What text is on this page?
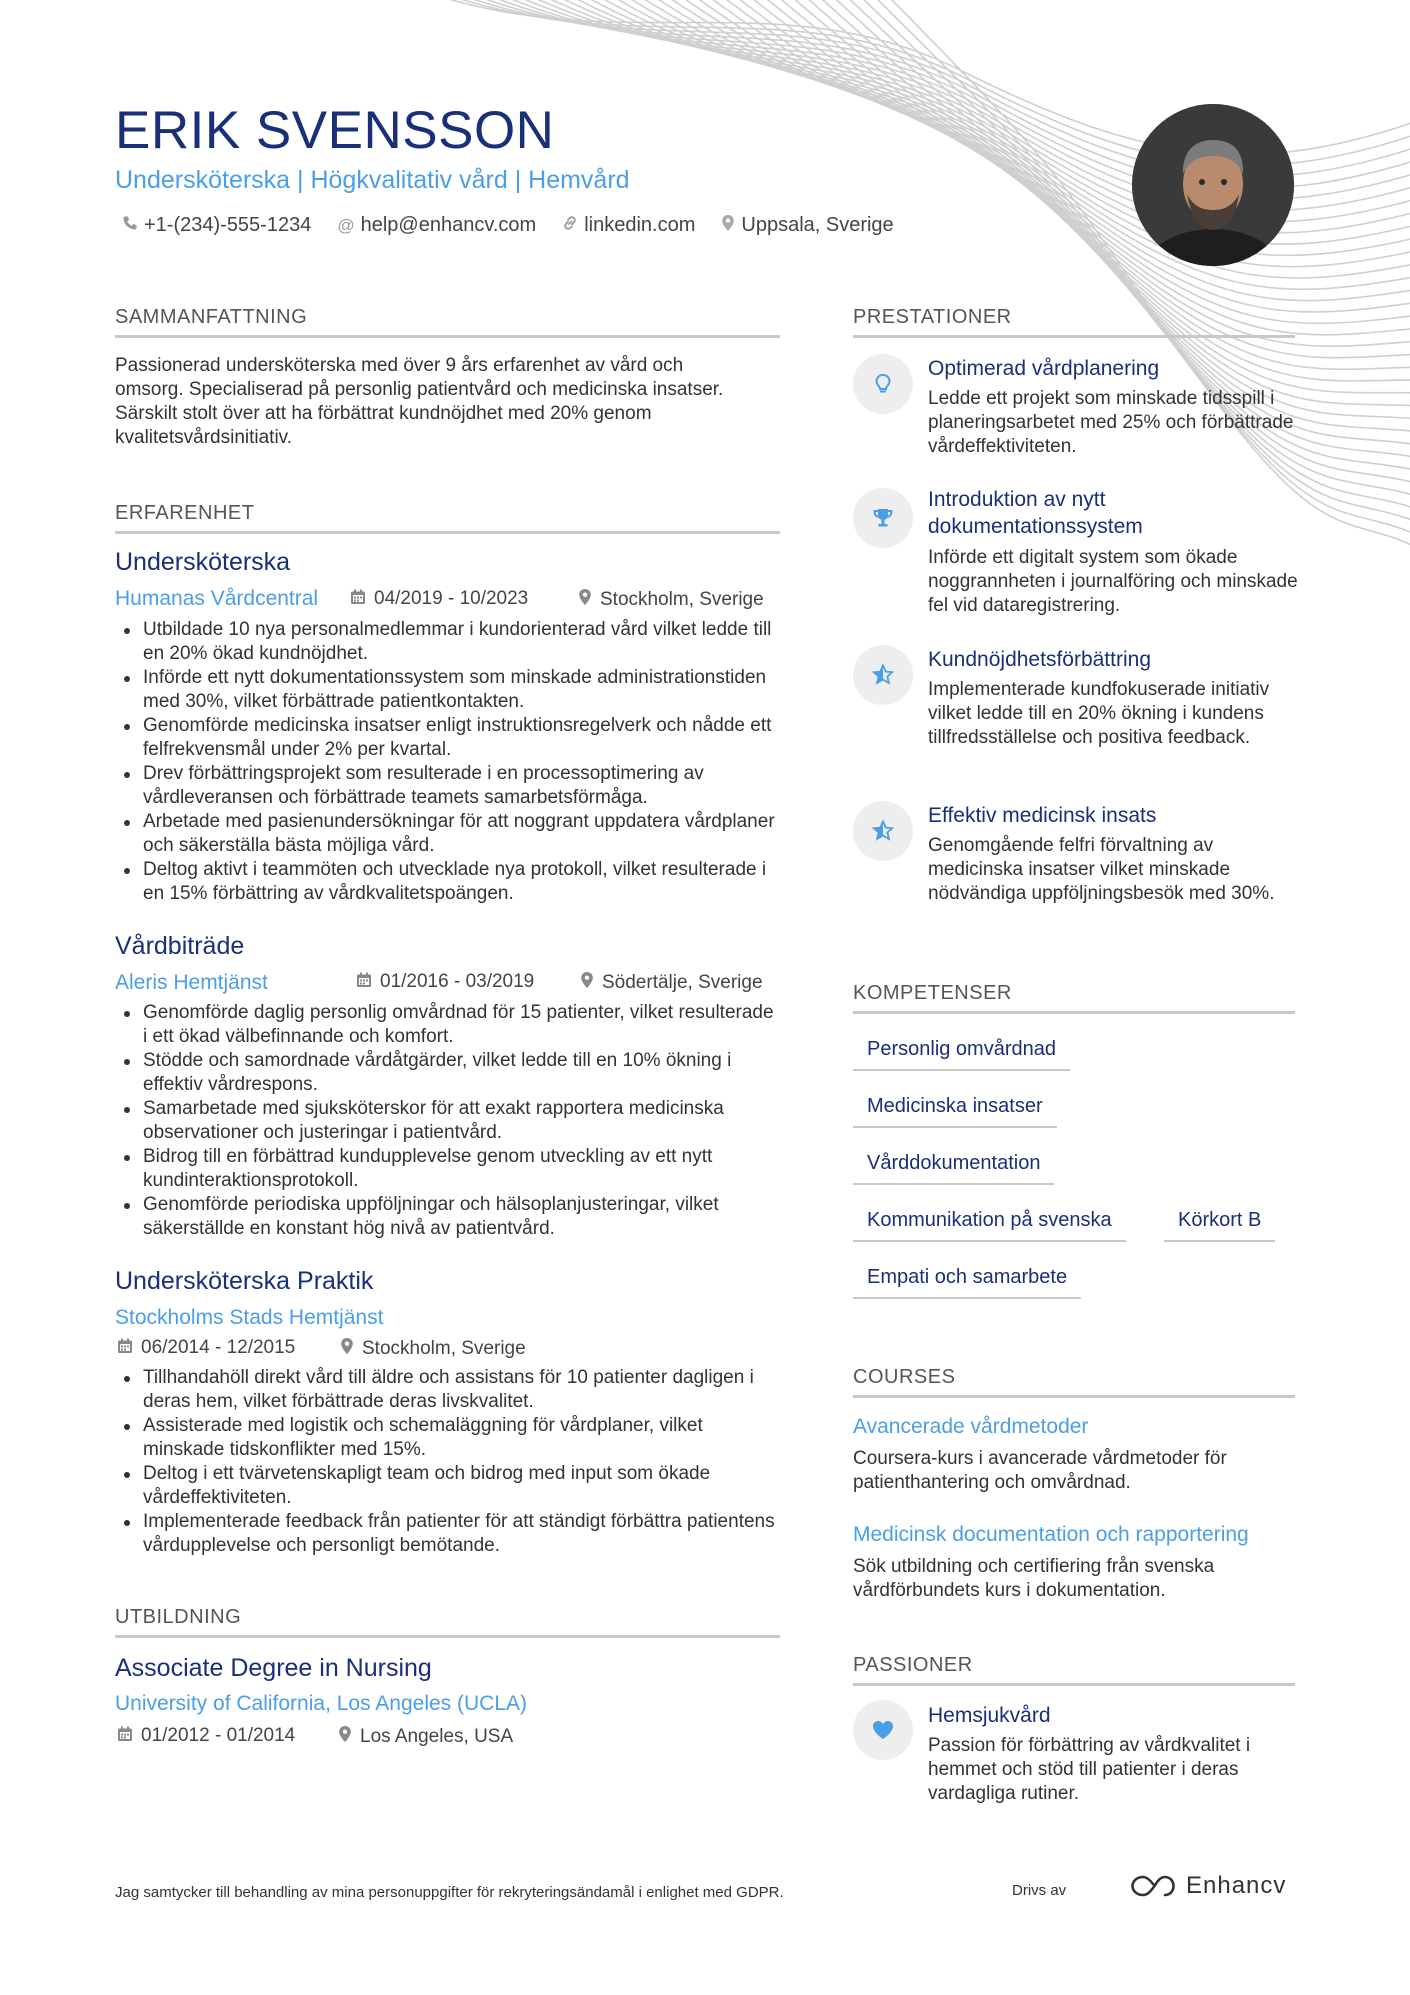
ERIK SVENSSON
Undersköterska | Högkvalitativ vård | Hemvård
+1-(234)-555-1234 @ help@enhancv.com linkedin.com Uppsala, Sverige
SAMMANFATTNING
Passionerad undersköterska med över 9 års erfarenhet av vård och omsorg. Specialiserad på personlig patientvård och medicinska insatser. Särskilt stolt över att ha förbättrat kundnöjdhet med 20% genom kvalitetsvårdsinitiativ.
ERFARENHET
Undersköterska
Humanas Vårdcentral	04/2019 - 10/2023	Stockholm, Sverige
Utbildade 10 nya personalmedlemmar i kundorienterad vård vilket ledde till en 20% ökad kundnöjdhet.
Införde ett nytt dokumentationssystem som minskade administrationstiden med 30%, vilket förbättrade patientkontakten.
Genomförde medicinska insatser enligt instruktionsregelverk och nådde ett felfrekvensmål under 2% per kvartal.
Drev förbättringsprojekt som resulterade i en processoptimering av vårdleveransen och förbättrade teamets samarbetsförmåga.
Arbetade med pasienundersökningar för att noggrant uppdatera vårdplaner och säkerställa bästa möjliga vård.
Deltog aktivt i teammöten och utvecklade nya protokoll, vilket resulterade i en 15% förbättring av vårdkvalitetspoängen.
Vårdbiträde
Aleris Hemtjänst	01/2016 - 03/2019	Södertälje, Sverige
Genomförde daglig personlig omvårdnad för 15 patienter, vilket resulterade i ett ökad välbefinnande och komfort.
Stödde och samordnade vårdåtgärder, vilket ledde till en 10% ökning i effektiv vårdrespons.
Samarbetade med sjuksköterskor för att exakt rapportera medicinska observationer och justeringar i patientvård.
Bidrog till en förbättrad kundupplevelse genom utveckling av ett nytt kundinteraktionsprotokoll.
Genomförde periodiska uppföljningar och hälsoplanjusteringar, vilket säkerställde en konstant hög nivå av patientvård.
Undersköterska Praktik
Stockholms Stads Hemtjänst
06/2014 - 12/2015	Stockholm, Sverige
Tillhandahöll direkt vård till äldre och assistans för 10 patienter dagligen i deras hem, vilket förbättrade deras livskvalitet.
Assisterade med logistik och schemaläggning för vårdplaner, vilket minskade tidskonflikter med 15%.
Deltog i ett tvärvetenskapligt team och bidrog med input som ökade vårdeffektiviteten.
Implementerade feedback från patienter för att ständigt förbättra patientens vårdupplevelse och personligt bemötande.
UTBILDNING
Associate Degree in Nursing
University of California, Los Angeles (UCLA)
01/2012 - 01/2014	Los Angeles, USA
PRESTATIONER
Optimerad vårdplanering
Ledde ett projekt som minskade tidsspill i planeringsarbetet med 25% och förbättrade vårdeffektiviteten.
Introduktion av nytt dokumentationssystem
Införde ett digitalt system som ökade noggrannheten i journalföring och minskade fel vid dataregistrering.
Kundnöjdhetsförbättring
Implementerade kundfokuserade initiativ vilket ledde till en 20% ökning i kundens tillfredsställelse och positiva feedback.
Effektiv medicinsk insats
Genomgående felfri förvaltning av medicinska insatser vilket minskade nödvändiga uppföljningsbesök med 30%.
KOMPETENSER
Personlig omvårdnad
Medicinska insatser
Vårddokumentation
Kommunikation på svenska	Körkort B
Empati och samarbete
COURSES
Avancerade vårdmetoder
Coursera-kurs i avancerade vårdmetoder för patienthantering och omvårdnad.
Medicinsk documentation och rapportering
Sök utbildning och certifiering från svenska vårdförbundets kurs i dokumentation.
PASSIONER
Hemsjukvård
Passion för förbättring av vårdkvalitet i hemmet och stöd till patienter i deras vardagliga rutiner.
Jag samtycker till behandling av mina personuppgifter för rekryteringsändamål i enlighet med GDPR.	Drivs av	Enhancv
